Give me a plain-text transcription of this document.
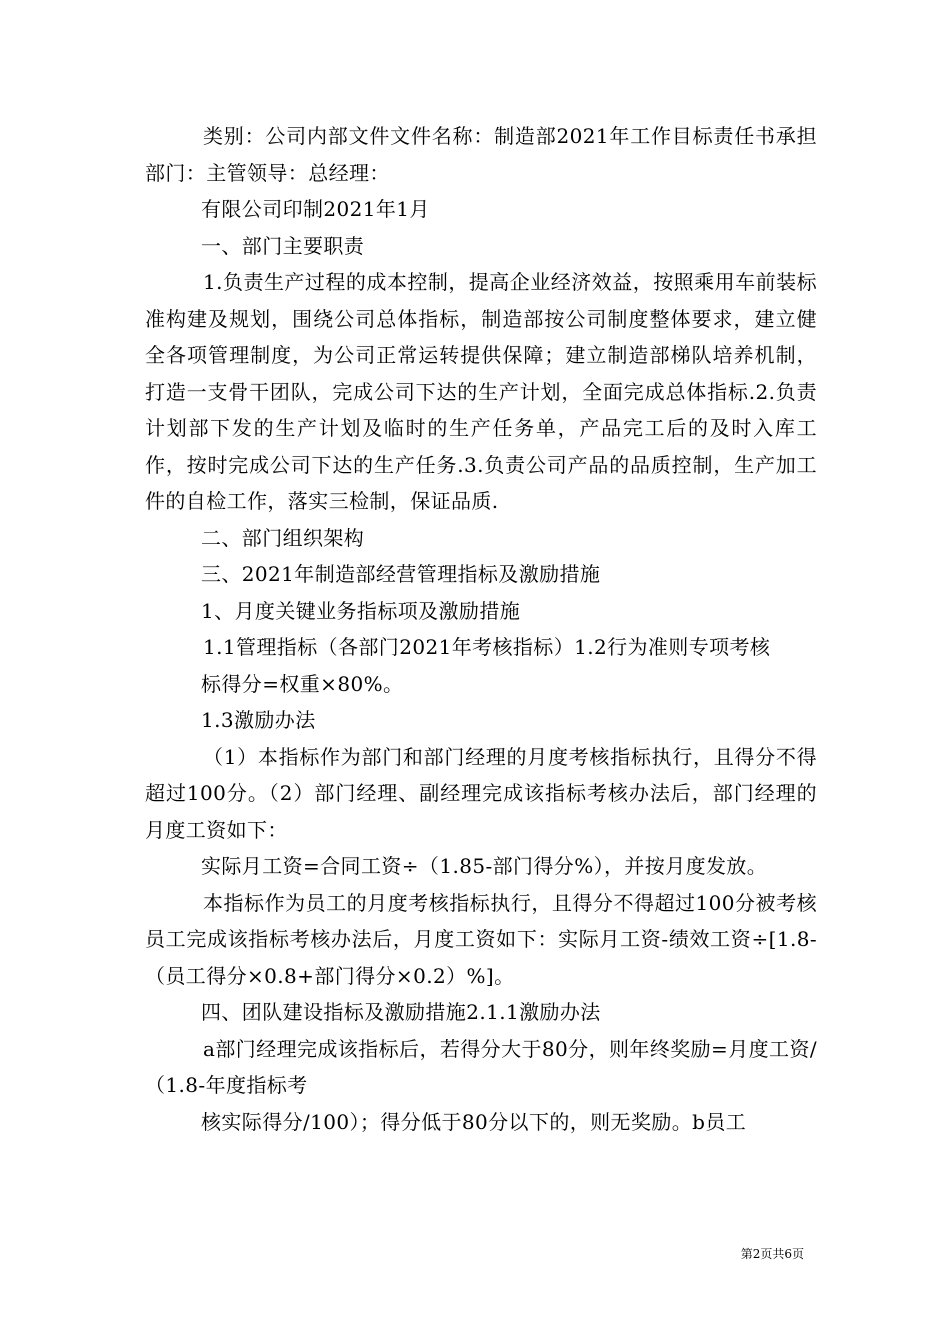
类别：公司内部文件文件名称：制造部2021年工作目标责任书承担部门：主管领导：总经理：

有限公司印制2021年1月

一、部门主要职责

1.负责生产过程的成本控制，提高企业经济效益，按照乘用车前装标准构建及规划，围绕公司总体指标，制造部按公司制度整体要求，建立健全各项管理制度，为公司正常运转提供保障；建立制造部梯队培养机制，打造一支骨干团队，完成公司下达的生产计划，全面完成总体指标.2.负责计划部下发的生产计划及临时的生产任务单，产品完工后的及时入库工作，按时完成公司下达的生产任务.3.负责公司产品的品质控制，生产加工件的自检工作，落实三检制，保证品质.

二、部门组织架构

三、2021年制造部经营管理指标及激励措施

1、月度关键业务指标项及激励措施

1.1管理指标（各部门2021年考核指标）1.2行为准则专项考核

标得分=权重×80%。

1.3激励办法

（1）本指标作为部门和部门经理的月度考核指标执行，且得分不得超过100分。（2）部门经理、副经理完成该指标考核办法后，部门经理的月度工资如下：

实际月工资=合同工资÷（1.85-部门得分%），并按月度发放。

本指标作为员工的月度考核指标执行，且得分不得超过100分被考核员工完成该指标考核办法后，月度工资如下：实际月工资-绩效工资÷[1.8-（员工得分×0.8+部门得分×0.2）%]。

四、团队建设指标及激励措施2.1.1激励办法

a部门经理完成该指标后，若得分大于80分，则年终奖励=月度工资/（1.8-年度指标考

核实际得分/100）；得分低于80分以下的，则无奖励。b员工

第2页共6页
